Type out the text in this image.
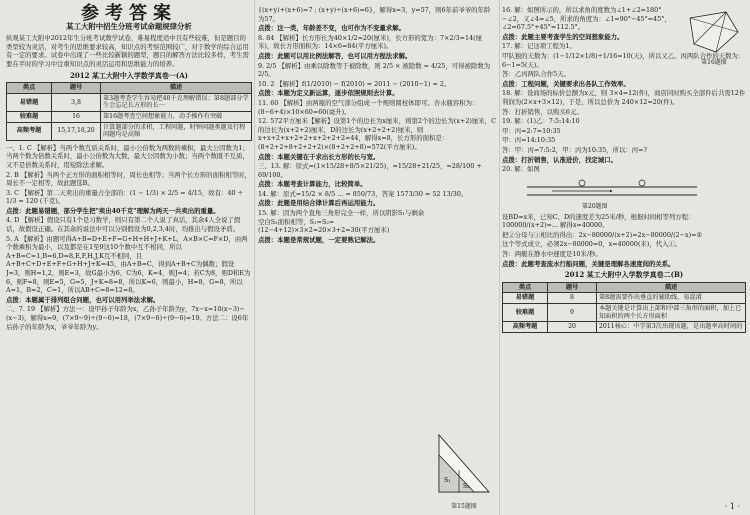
参考答案
某工大附中招生分班考试命题规律分析

纵观某工大附中2012年生分班考试数学试卷，难易程度适中且有些较难，但是题目的类型较为灵活，对考生的思维要求较高，知识点的考察范围较广，对于数学的综合运用有一定的要求。试卷中出现了一些比较新颖的题型，题目的解答方法比较多样，考生需要在平时的学习中注重知识点的灵活运用和思维能力的培养。

2012 某工大附中入学数学真卷一(A)
类点	题号	描述
易错题	3,8	第3题考查学生容易把40千克理解错误；第8题部分学生会忘记长方形的长一
较难题	16	第16题考查空间想象能力，动手操作有突破
高频考题	15,17,18,20	计算题部分的求积，工程问题，时钟问题类题及行程问题均是高频

一、1. C 【解析】当两个数互质关系时，最小公倍数为两数的乘积，最大公因数为1；当两个数为倍数关系时，最小公倍数为大数，最大公因数为小数；当两个数既不互质，又不是倍数关系时，用短除法求解。

2. B 【解析】当两个正方形的面积相等时，周长也相等；当两个长方形的面积相等时，周长不一定相等，故此题选B。

3. C 【解析】第二天卖出的重量占全部的：(1 − 1/3) × 2/5 = 4/15，故有：40 ÷ 1/3 = 120 (千克)。

点拨：此题易错题，部分学生把"卖出40千克"理解为两天一共卖出的重量。

4. D 【解析】假设只有1个是习数学，则只有第二个人说了真话，其余4人全说了假话，故假设正确。在其余的说法中可以分别假设为0,2,3,4时，均推出与假设矛盾。

5. A 【解析】由题可得A+B=D+E+F=G+H+H+J+K+L，A×B×C=F×D，由两个数乘积为最小，以及都是在1至9这10个数中互不相同，所以A+B=C=1,B=6,D=8,E,F,H,J,K互不相同，且A+B+C+D+E+F+G+H+J+K=45，由A+B=C，得到A+B+C为偶数；假设J=3，则H=1,2，则E=3，故G最小为6，C为6，K=4，则J=4；若C为8，则D和E为6，则F=8，则E=5，G=5，J+K=8=8，所以K=6，则最小，H=8，G=8，所以A=1，B=2，C=1，所以AB+C=8=12=8。

点拨：本题属于排列组合问题，也可以用列举法求解。

二、7. 19 【解析】方法一：设甲孙子年龄为x，乙孙子年龄为y，7x−x=10(x−3)−(x−3)，解得x=9，(7×9−9)÷(9−6)=18，(7×9−6)÷(9−6)=19。方法二：设6年后孙子的年龄为x，爷爷年龄为y。

{(x+y)+(x+6)=7 ; (x+y)÷(x+6)=6}，解得x=3，y=57，则6年前爷爷的年龄为57。

点拨：这一类，年龄差不变，也可作为不变量求解。

8. 84 【解析】长方形长为40×1/2=20(厘米)，长方形的宽为：7×2/3=14(厘米)，故长方形面积为：14×6=84(平方厘米)。

点拨：此题可以用比例法解答，也可以用方程法求解。

9. 2/5 【解析】由乘以除数等于被除数，则 2/5 × 被除数 = 4/25，可得被除数为 2/5。

10. 2 【解析】f(1/2010) − f(2010) = 2011 − (2010−1) = 2。

点拨：本题为定义新运算，逐步依照规则去计算。

11. 60 【解析】由两瓶的空气部分组成一个规则圆柱体即可。杏水瓶容积为：(8−6+4)×10×60=60(毫升)。

12. 572平方厘米【解析】设第1个的边长为x厘米，则第2个的边长为(x+2)厘米，C的边长为(x+2+2)厘米，D的边长为(x+2+2+2)厘米，则x+x+2+x+2+2+x+2+2+2=44，解得x=8，长方形的面积是：(8+2+2+8+2+2+2)×(8+2+2+8)=572(平方厘米)。

点拨：本题关键在于求出长方形的长与宽。

三、13. 解：原式=(1×15/28+8/5×21/25)，=15/28+21/25，=28/100 + 69/100。

点拨：本题考查计算能力，比较简单。

14. 解：原式=15/2 × 8/5 ... = 850/73，答案 1573/30 = 52 13/30。

点拨：此题是用结合律计算后再运用能力。

15. 解：因为两个直角三角形完全一样，所以阴影S₁与剩余空白S₂面积相等，S₁=S₂=(12−4+12)×3×2=20×3+2=30(平方厘米)

点拨：本题是常规试题，一定要熟记解法。

S₁
S₂
第15题图

16. 解：如图所示的，所以求角的度数为∠1+∠2=180°−∠2，又∠4=∠5，所求的角度为：∠1=90°−45°=45°，∠2=67.5°+45°=112.5°。

点拨：此题主要考查学生的空间想象能力。

17. 解：记这项工程为1。

甲队独的天数为：(1−1/12×1/8)÷1/16=10(天)，所以又乙、丙两队合作的天数为：6−1=5(天)。

答：乙丙两队合作5天。

点拨：工程问题，关键要求出各队工作效率。

18. 解：设商场的标价总额为x元，则 3×4=12(件)，商店同时购买全部件后共需12件利润为(2×x+3×12)，于是，所以总价为 240×12=20(件)。

答：打折销售，以购买6元。

19. 解：(1)乙：7:5:14:10

甲：丙=2:7=10:35

甲：丙=14:10:35

答：甲：丙=7:5:2，甲：丙为10:35，所以：丙=?

点拨：打折销售，认准进价，找定城口。

20. 解：如图

第20题图

设BD=x米，已知C、D的速度差为25米/秒，根据时间相等列方程：100000/(x+2)=... 解得x=40000。

把②分母与①相比的得出：2x−80000/(x+2)=2x−80000/(2−x)=②

这个等式成立，必须2x−80000=0，x=40000(米)，代入①。

答：两艇在静水中速度是10米/秒。

点拨：此题考查流水行船问题，关键是理解各速度间的关系。

2012 某工大附中入学数学真卷二(B)
类点	题号	描述
易错题	8	第8题需要作出垂直的辅助线，易混淆
较难题	9	本题关键是计算出上部和中部三角形的面积，加上已知面积的两个长方形面积
高频考题	20	2011核心：中学第3次出现该题，是出题率高时间的
第16题图
· 1 ·
